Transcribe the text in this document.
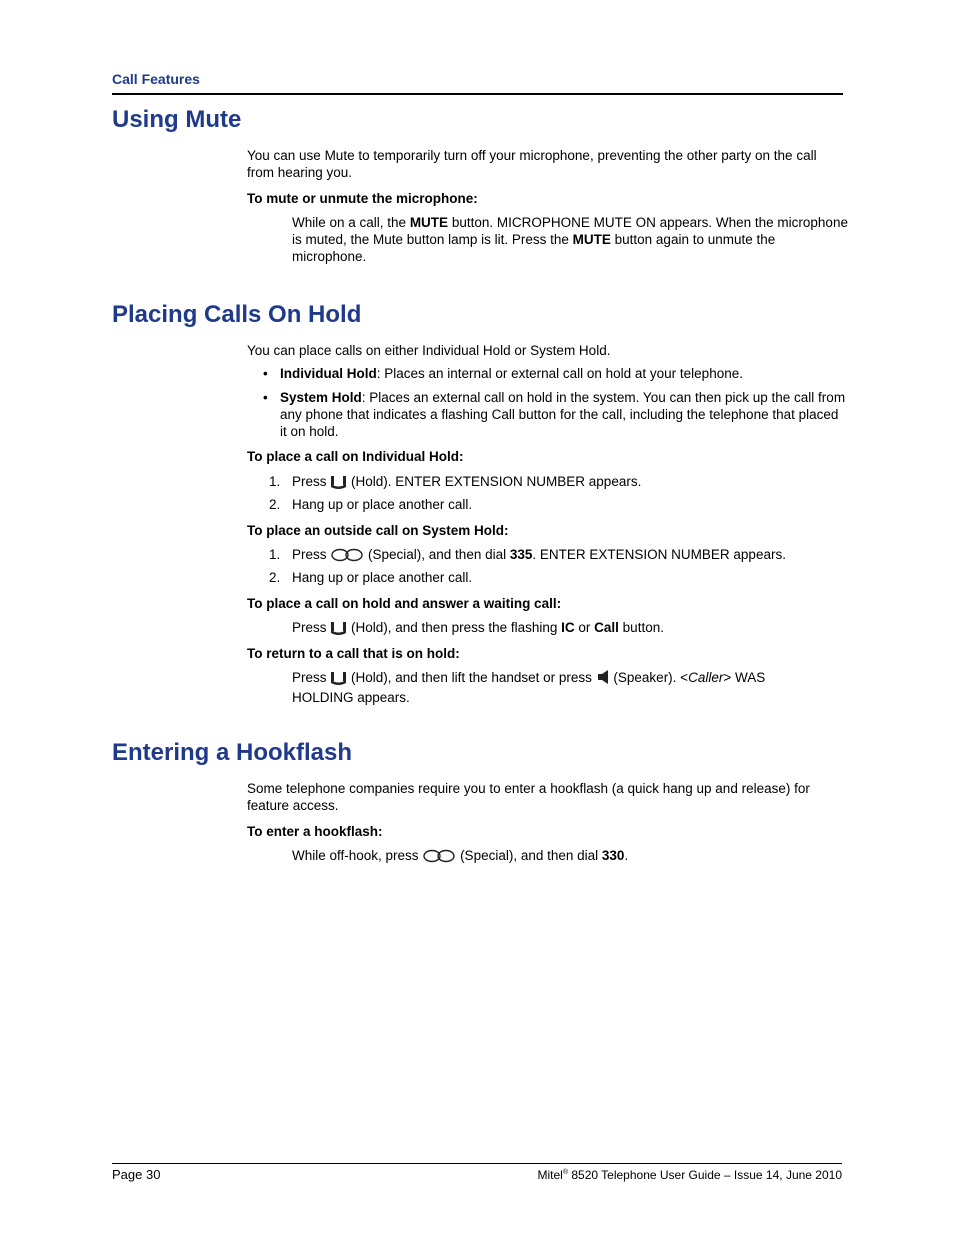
Call Features
Using Mute
You can use Mute to temporarily turn off your microphone, preventing the other party on the call from hearing you.
To mute or unmute the microphone:
While on a call, the MUTE button. MICROPHONE MUTE ON appears. When the microphone is muted, the Mute button lamp is lit. Press the MUTE button again to unmute the microphone.
Placing Calls On Hold
You can place calls on either Individual Hold or System Hold.
• Individual Hold: Places an internal or external call on hold at your telephone.
• System Hold: Places an external call on hold in the system. You can then pick up the call from any phone that indicates a flashing Call button for the call, including the telephone that placed it on hold.
To place a call on Individual Hold:
1. Press  (Hold). ENTER EXTENSION NUMBER appears.
2. Hang up or place another call.
To place an outside call on System Hold:
1. Press	(Special), and then dial 335. ENTER EXTENSION NUMBER appears.
2. Hang up or place another call.
To place a call on hold and answer a waiting call:
Press  (Hold), and then press the flashing IC or Call button.
To return to a call that is on hold:
Press  (Hold), and then lift the handset or press  (Speaker). <Caller> WAS HOLDING appears.
Entering a Hookflash
Some telephone companies require you to enter a hookflash (a quick hang up and release) for feature access.
To enter a hookflash:
While off-hook, press	(Special), and then dial 330.
Page 30	Mitel® 8520 Telephone User Guide – Issue 14, June 2010
